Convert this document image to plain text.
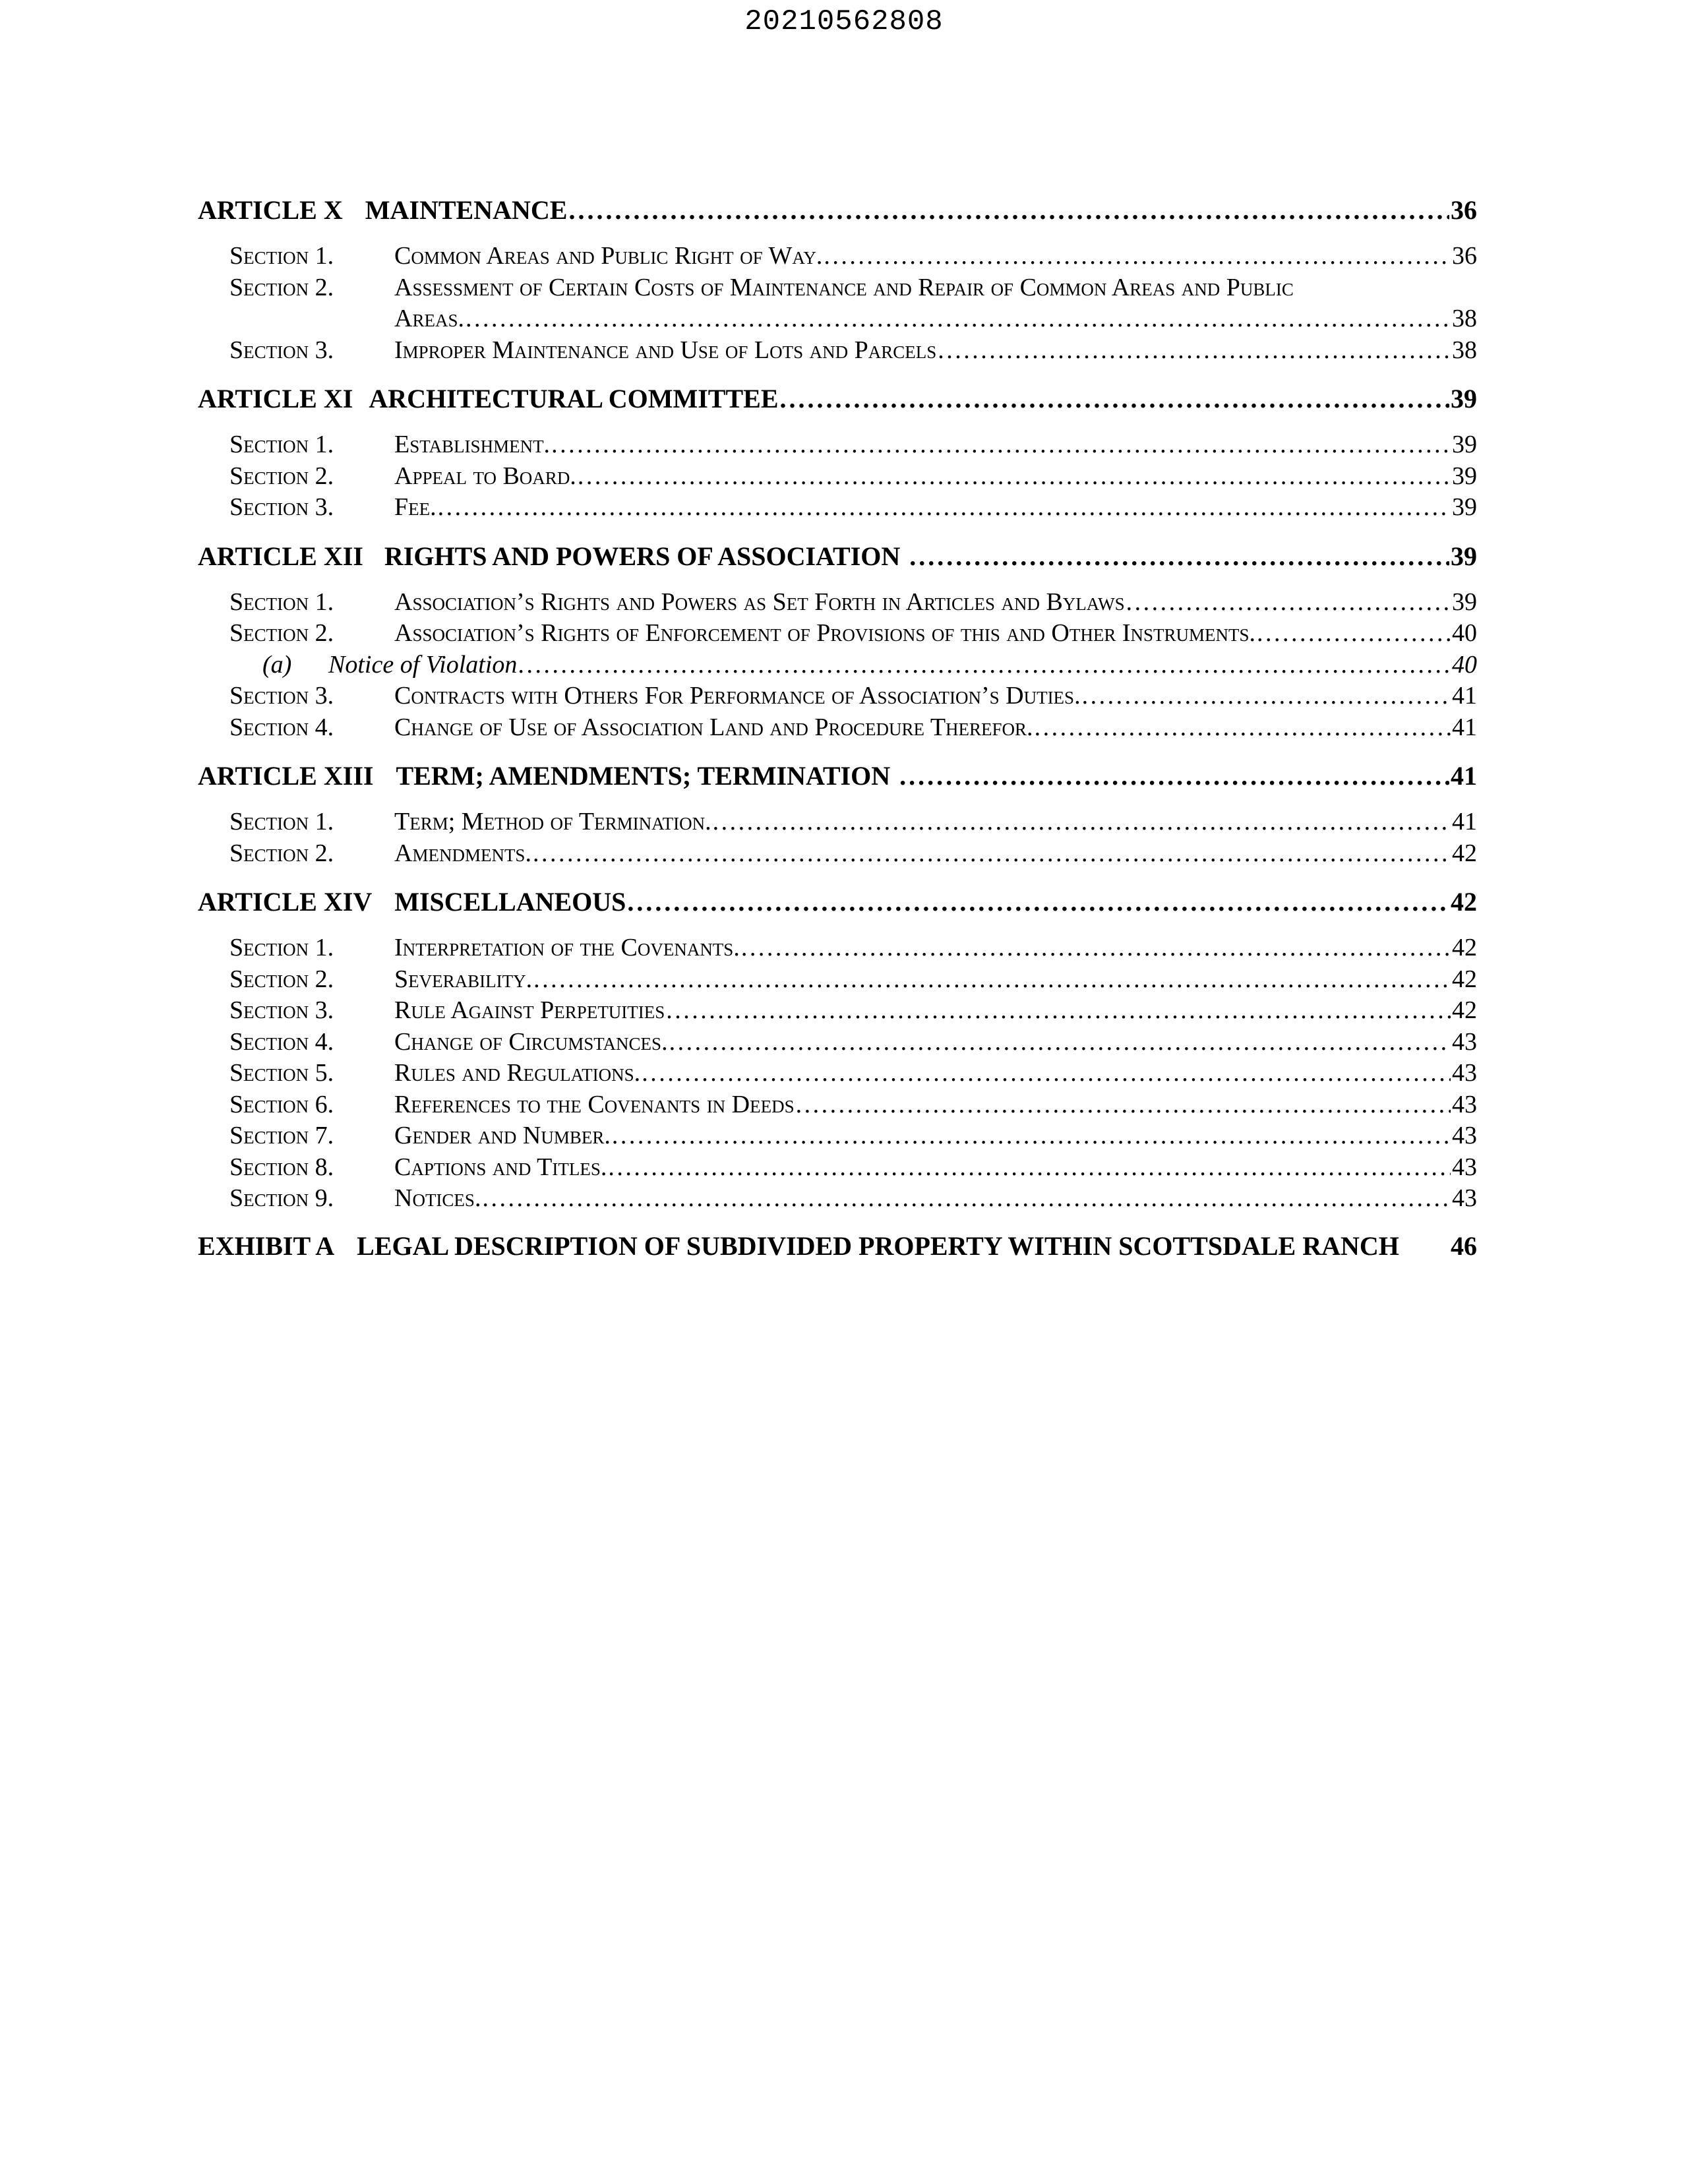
20210562808
ARTICLE X MAINTENANCE . . .	36
Section 1.	Common Areas and Public Right of Way. . . .	36
Section 2.	Assessment of Certain Costs of Maintenance and Repair of Common Areas and Public
Areas. . . .	38
Section 3.	Improper Maintenance and Use of Lots and Parcels . . .	38
ARTICLE XI ARCHITECTURAL COMMITTEE . . .	39
Section 1.	Establishment. . . .	39
Section 2.	Appeal to Board. . . .	39
Section 3.	Fee. . . .	39
ARTICLE XII RIGHTS AND POWERS OF ASSOCIATION . . .	39
Section 1.	Association’s Rights and Powers as Set Forth in Articles and Bylaws . . .	39
Section 2.	Association’s Rights of Enforcement of Provisions of this and Other Instruments. . . .	40
(a)	Notice of Violation . . .	40
Section 3.	Contracts with Others For Performance of Association’s Duties. . . .	41
Section 4.	Change of Use of Association Land and Procedure Therefor. . . .	41
ARTICLE XIII TERM; AMENDMENTS; TERMINATION . . .	41
Section 1.	Term; Method of Termination. . . .	41
Section 2.	Amendments. . . .	42
ARTICLE XIV MISCELLANEOUS . . .	42
Section 1.	Interpretation of the Covenants. . . .	42
Section 2.	Severability. . . .	42
Section 3.	Rule Against Perpetuities . . .	42
Section 4.	Change of Circumstances. . . .	43
Section 5.	Rules and Regulations. . . .	43
Section 6.	References to the Covenants in Deeds . . .	43
Section 7.	Gender and Number. . . .	43
Section 8.	Captions and Titles. . . .	43
Section 9.	Notices. . . .	43
EXHIBIT A LEGAL DESCRIPTION OF SUBDIVIDED PROPERTY WITHIN SCOTTSDALE RANCH	46
